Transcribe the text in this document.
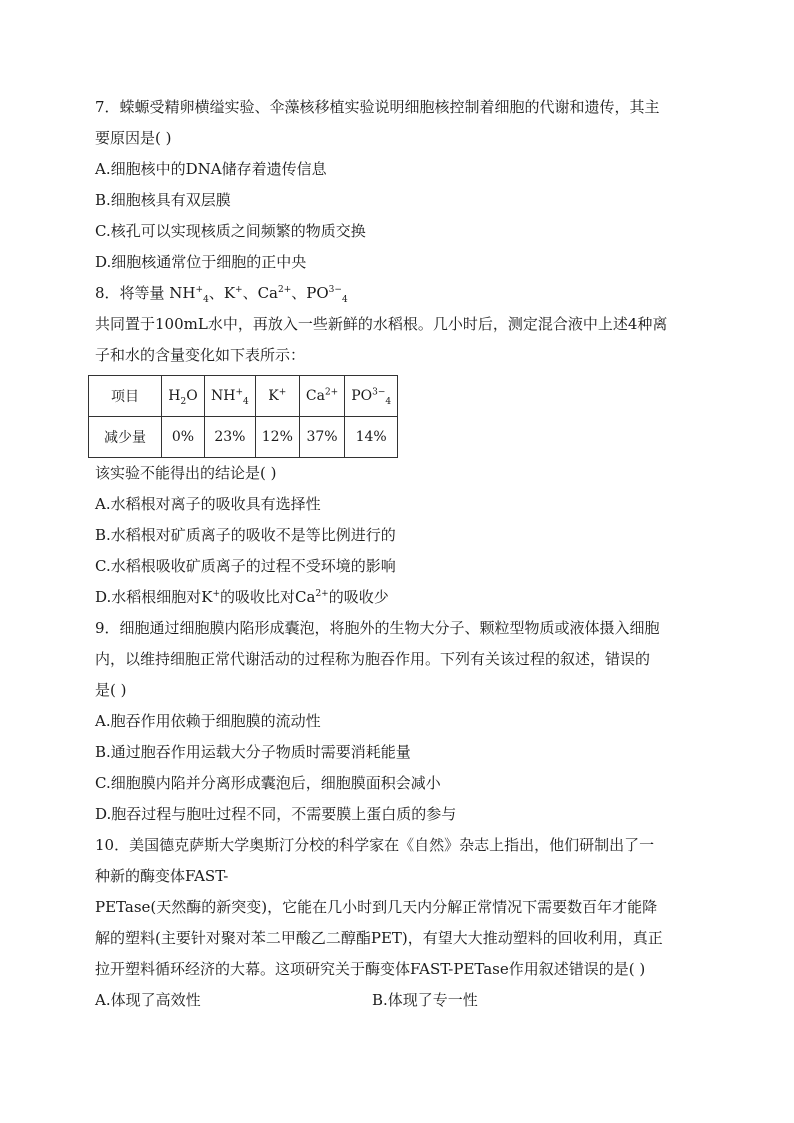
7．蝾螈受精卵横缢实验、伞藻核移植实验说明细胞核控制着细胞的代谢和遗传，其主
要原因是( )
A.细胞核中的DNA储存着遗传信息
B.细胞核具有双层膜
C.核孔可以实现核质之间频繁的物质交换
D.细胞核通常位于细胞的正中央
8．将等量 $NH^+_4$、K+、$Ca^{2+}$、$PO^{3-}_4$
共同置于100mL水中，再放入一些新鲜的水稻根。几小时后，测定混合液中上述4种离
子和水的含量变化如下表所示：
项目	$H_2O$	$NH^+_4$	K+	$Ca^{2+}$	$PO^{3-}_4$
减少量	0%	23%	12%	37%	14%
该实验不能得出的结论是( )
A.水稻根对离子的吸收具有选择性
B.水稻根对矿质离子的吸收不是等比例进行的
C.水稻根吸收矿质离子的过程不受环境的影响
D.水稻根细胞对K+的吸收比对$Ca^{2+}$的吸收少
9．细胞通过细胞膜内陷形成囊泡，将胞外的生物大分子、颗粒型物质或液体摄入细胞
内，以维持细胞正常代谢活动的过程称为胞吞作用。下列有关该过程的叙述，错误的
是( )
A.胞吞作用依赖于细胞膜的流动性
B.通过胞吞作用运载大分子物质时需要消耗能量
C.细胞膜内陷并分离形成囊泡后，细胞膜面积会减小
D.胞吞过程与胞吐过程不同，不需要膜上蛋白质的参与
10．美国德克萨斯大学奥斯汀分校的科学家在《自然》杂志上指出，他们研制出了一
种新的酶变体FAST-
PETase(天然酶的新突变)，它能在几小时到几天内分解正常情况下需要数百年才能降
解的塑料(主要针对聚对苯二甲酸乙二醇酯PET)，有望大大推动塑料的回收利用，真正
拉开塑料循环经济的大幕。这项研究关于酶变体FAST-PETase作用叙述错误的是( )
A.体现了高效性	B.体现了专一性
